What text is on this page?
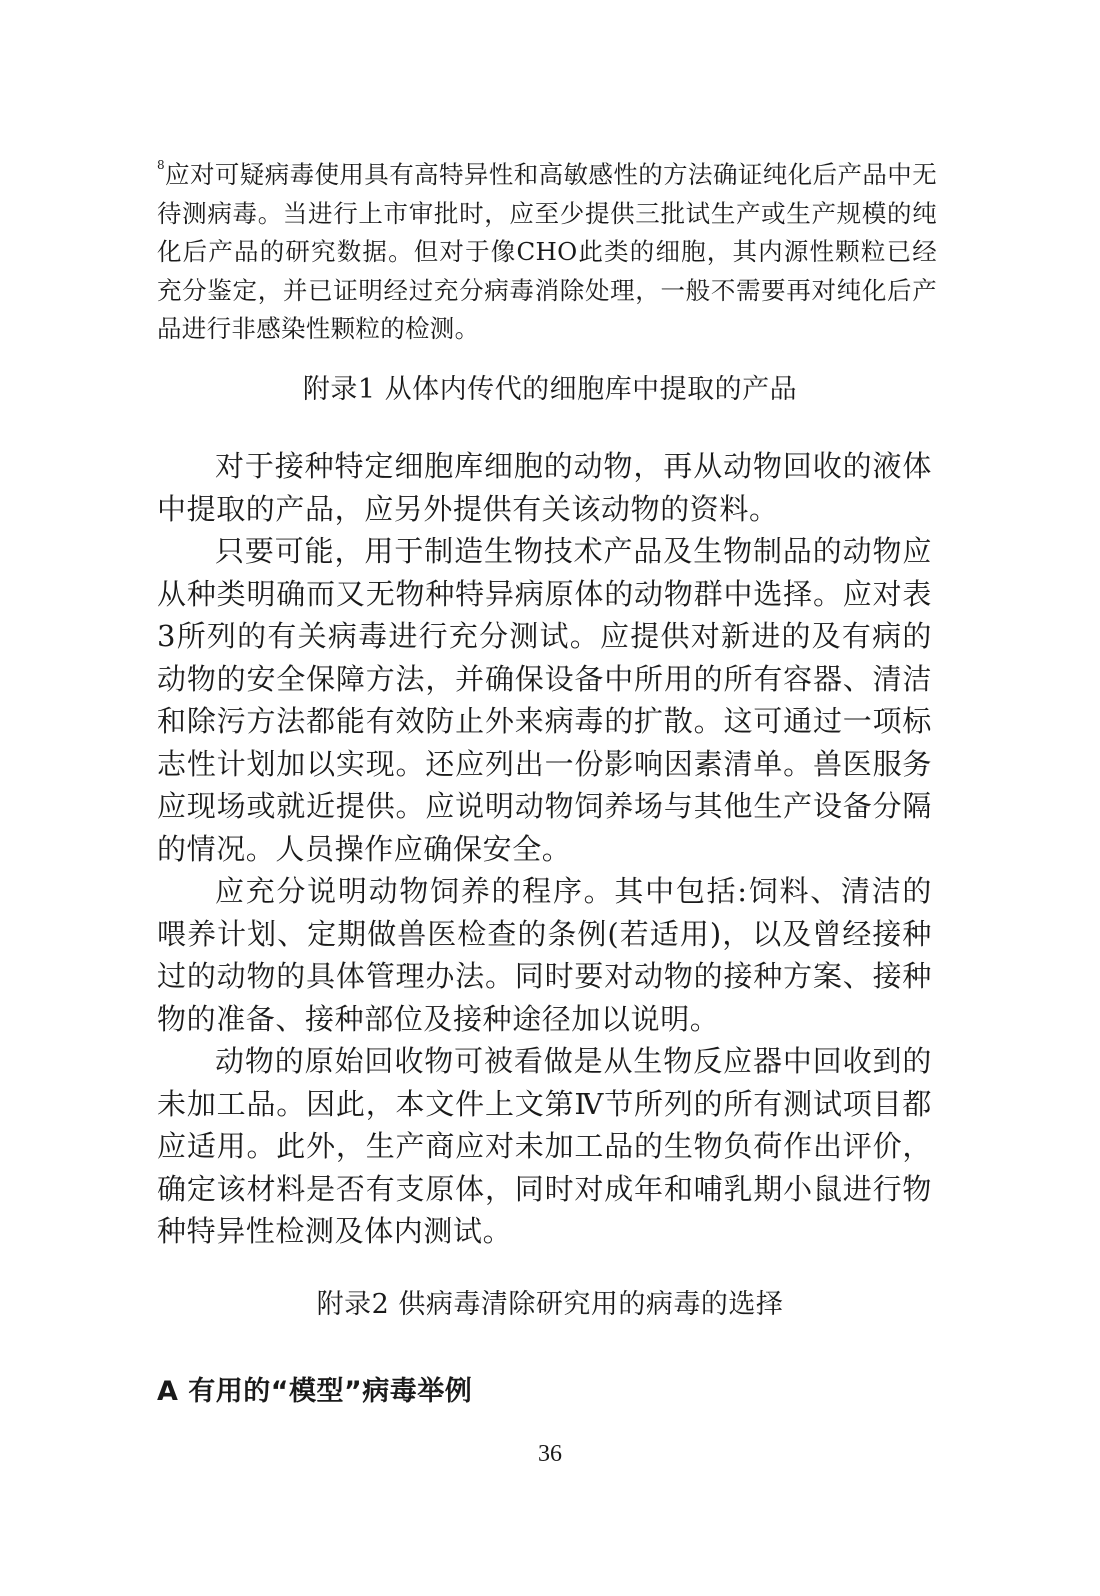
$^8$应对可疑病毒使用具有高特异性和高敏感性的方法确证纯化后产品中无待测病毒。当进行上市审批时，应至少提供三批试生产或生产规模的纯化后产品的研究数据。但对于像CHO此类的细胞，其内源性颗粒已经充分鉴定，并已证明经过充分病毒消除处理，一般不需要再对纯化后产品进行非感染性颗粒的检测。
附录1 从体内传代的细胞库中提取的产品

对于接种特定细胞库细胞的动物，再从动物回收的液体中提取的产品，应另外提供有关该动物的资料。

只要可能，用于制造生物技术产品及生物制品的动物应从种类明确而又无物种特异病原体的动物群中选择。应对表3所列的有关病毒进行充分测试。应提供对新进的及有病的动物的安全保障方法，并确保设备中所用的所有容器、清洁和除污方法都能有效防止外来病毒的扩散。这可通过一项标志性计划加以实现。还应列出一份影响因素清单。兽医服务应现场或就近提供。应说明动物饲养场与其他生产设备分隔的情况。人员操作应确保安全。

应充分说明动物饲养的程序。其中包括:饲料、清洁的喂养计划、定期做兽医检查的条例(若适用)，以及曾经接种过的动物的具体管理办法。同时要对动物的接种方案、接种物的准备、接种部位及接种途径加以说明。

动物的原始回收物可被看做是从生物反应器中回收到的未加工品。因此，本文件上文第Ⅳ节所列的所有测试项目都应适用。此外，生产商应对未加工品的生物负荷作出评价，确定该材料是否有支原体，同时对成年和哺乳期小鼠进行物种特异性检测及体内测试。

附录2 供病毒清除研究用的病毒的选择
A 有用的“模型”病毒举例
36
